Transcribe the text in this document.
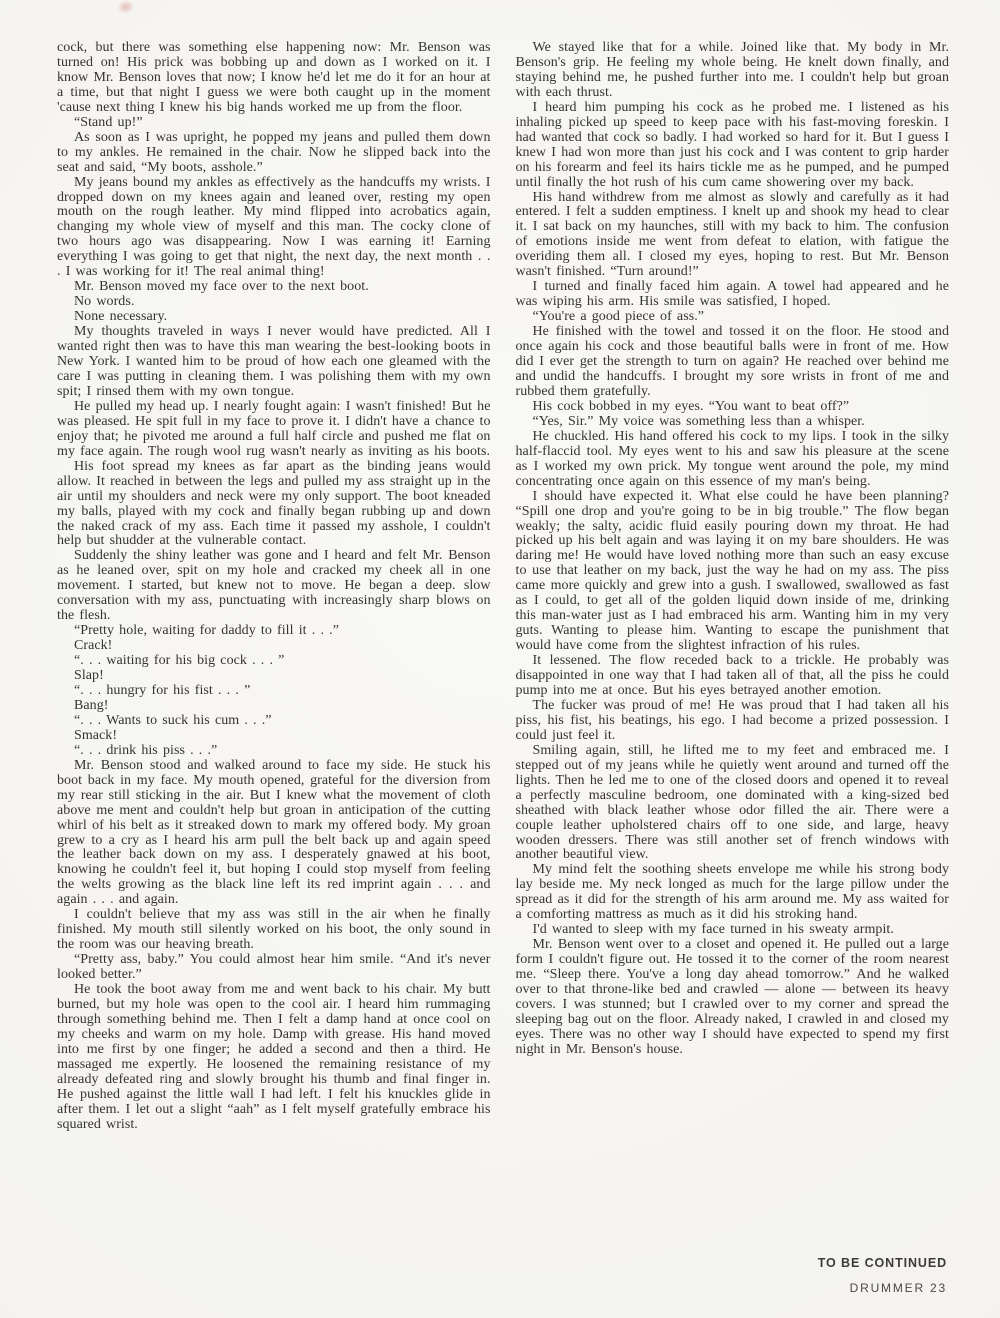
cock, but there was something else happening now: Mr. Benson was turned on! His prick was bobbing up and down as I worked on it. I know Mr. Benson loves that now; I know he'd let me do it for an hour at a time, but that night I guess we were both caught up in the moment 'cause next thing I knew his big hands worked me up from the floor.

“Stand up!”

As soon as I was upright, he popped my jeans and pulled them down to my ankles. He remained in the chair. Now he slipped back into the seat and said, “My boots, asshole.”

My jeans bound my ankles as effectively as the handcuffs my wrists. I dropped down on my knees again and leaned over, resting my open mouth on the rough leather. My mind flipped into acrobatics again, changing my whole view of myself and this man. The cocky clone of two hours ago was disappearing. Now I was earning it! Earning everything I was going to get that night, the next day, the next month . . . I was working for it! The real animal thing!

Mr. Benson moved my face over to the next boot.

No words.

None necessary.

My thoughts traveled in ways I never would have predicted. All I wanted right then was to have this man wearing the best-looking boots in New York. I wanted him to be proud of how each one gleamed with the care I was putting in cleaning them. I was polishing them with my own spit; I rinsed them with my own tongue.

He pulled my head up. I nearly fought again: I wasn't finished! But he was pleased. He spit full in my face to prove it. I didn't have a chance to enjoy that; he pivoted me around a full half circle and pushed me flat on my face again. The rough wool rug wasn't nearly as inviting as his boots.

His foot spread my knees as far apart as the binding jeans would allow. It reached in between the legs and pulled my ass straight up in the air until my shoulders and neck were my only support. The boot kneaded my balls, played with my cock and finally began rubbing up and down the naked crack of my ass. Each time it passed my asshole, I couldn't help but shudder at the vulnerable contact.

Suddenly the shiny leather was gone and I heard and felt Mr. Benson as he leaned over, spit on my hole and cracked my cheek all in one movement. I started, but knew not to move. He began a deep. slow conversation with my ass, punctuating with increasingly sharp blows on the flesh.

“Pretty hole, waiting for daddy to fill it . . .”

Crack!

“. . . waiting for his big cock . . . ”

Slap!

“. . . hungry for his fist . . . ”

Bang!

“. . . Wants to suck his cum . . .”

Smack!

“. . . drink his piss . . .”

Mr. Benson stood and walked around to face my side. He stuck his boot back in my face. My mouth opened, grateful for the diversion from my rear still sticking in the air. But I knew what the movement of cloth above me ment and couldn't help but groan in anticipation of the cutting whirl of his belt as it streaked down to mark my offered body. My groan grew to a cry as I heard his arm pull the belt back up and again speed the leather back down on my ass. I desperately gnawed at his boot, knowing he couldn't feel it, but hoping I could stop myself from feeling the welts growing as the black line left its red imprint again . . . and again . . . and again.

I couldn't believe that my ass was still in the air when he finally finished. My mouth still silently worked on his boot, the only sound in the room was our heaving breath.

“Pretty ass, baby.” You could almost hear him smile. “And it's never looked better.”

He took the boot away from me and went back to his chair. My butt burned, but my hole was open to the cool air. I heard him rummaging through something behind me. Then I felt a damp hand at once cool on my cheeks and warm on my hole. Damp with grease. His hand moved into me first by one finger; he added a second and then a third. He massaged me expertly. He loosened the remaining resistance of my already defeated ring and slowly brought his thumb and final finger in. He pushed against the little wall I had left. I felt his knuckles glide in after them. I let out a slight “aah” as I felt myself gratefully embrace his squared wrist.

We stayed like that for a while. Joined like that. My body in Mr. Benson's grip. He feeling my whole being. He knelt down finally, and staying behind me, he pushed further into me. I couldn't help but groan with each thrust.

I heard him pumping his cock as he probed me. I listened as his inhaling picked up speed to keep pace with his fast-moving foreskin. I had wanted that cock so badly. I had worked so hard for it. But I guess I knew I had won more than just his cock and I was content to grip harder on his forearm and feel its hairs tickle me as he pumped, and he pumped until finally the hot rush of his cum came showering over my back.

His hand withdrew from me almost as slowly and carefully as it had entered. I felt a sudden emptiness. I knelt up and shook my head to clear it. I sat back on my haunches, still with my back to him. The confusion of emotions inside me went from defeat to elation, with fatigue the overiding them all. I closed my eyes, hoping to rest. But Mr. Benson wasn't finished. “Turn around!”

I turned and finally faced him again. A towel had appeared and he was wiping his arm. His smile was satisfied, I hoped.

“You're a good piece of ass.”

He finished with the towel and tossed it on the floor. He stood and once again his cock and those beautiful balls were in front of me. How did I ever get the strength to turn on again? He reached over behind me and undid the handcuffs. I brought my sore wrists in front of me and rubbed them gratefully.

His cock bobbed in my eyes. “You want to beat off?”

“Yes, Sir.” My voice was something less than a whisper.

He chuckled. His hand offered his cock to my lips. I took in the silky half-flaccid tool. My eyes went to his and saw his pleasure at the scene as I worked my own prick. My tongue went around the pole, my mind concentrating once again on this essence of my man's being.

I should have expected it. What else could he have been planning? “Spill one drop and you're going to be in big trouble.” The flow began weakly; the salty, acidic fluid easily pouring down my throat. He had picked up his belt again and was laying it on my bare shoulders. He was daring me! He would have loved nothing more than such an easy excuse to use that leather on my back, just the way he had on my ass. The piss came more quickly and grew into a gush. I swallowed, swallowed as fast as I could, to get all of the golden liquid down inside of me, drinking this man-water just as I had embraced his arm. Wanting him in my very guts. Wanting to please him. Wanting to escape the punishment that would have come from the slightest infraction of his rules.

It lessened. The flow receded back to a trickle. He probably was disappointed in one way that I had taken all of that, all the piss he could pump into me at once. But his eyes betrayed another emotion.

The fucker was proud of me! He was proud that I had taken all his piss, his fist, his beatings, his ego. I had become a prized possession. I could just feel it.

Smiling again, still, he lifted me to my feet and embraced me. I stepped out of my jeans while he quietly went around and turned off the lights. Then he led me to one of the closed doors and opened it to reveal a perfectly masculine bedroom, one dominated with a king-sized bed sheathed with black leather whose odor filled the air. There were a couple leather upholstered chairs off to one side, and large, heavy wooden dressers. There was still another set of french windows with another beautiful view.

My mind felt the soothing sheets envelope me while his strong body lay beside me. My neck longed as much for the large pillow under the spread as it did for the strength of his arm around me. My ass waited for a comforting mattress as much as it did his stroking hand.

I'd wanted to sleep with my face turned in his sweaty armpit.

Mr. Benson went over to a closet and opened it. He pulled out a large form I couldn't figure out. He tossed it to the corner of the room nearest me. “Sleep there. You've a long day ahead tomorrow.” And he walked over to that throne-like bed and crawled — alone — between its heavy covers. I was stunned; but I crawled over to my corner and spread the sleeping bag out on the floor. Already naked, I crawled in and closed my eyes. There was no other way I should have expected to spend my first night in Mr. Benson's house.

TO BE CONTINUED
DRUMMER 23
